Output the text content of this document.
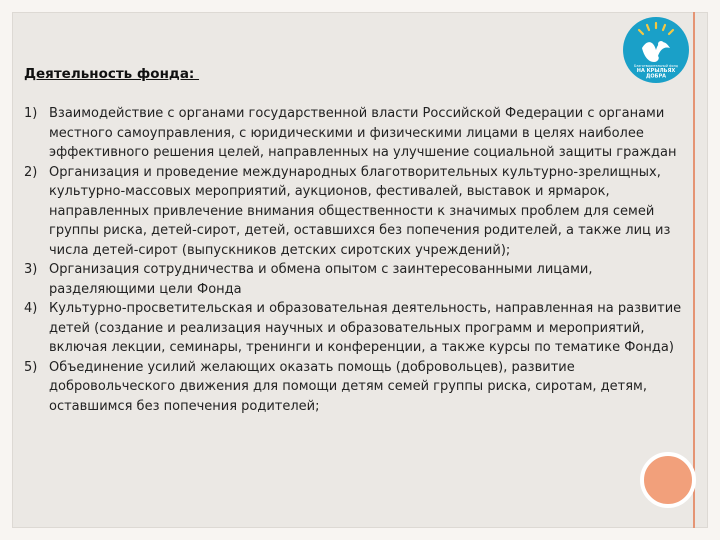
Благотворительный фонд
НА КРЫЛЬЯХ
ДОБРА
Деятельность фонда:
1) Взаимодействие с органами государственной власти Российской Федерации с органами местного самоуправления, с юридическими и физическими лицами в целях наиболее эффективного решения целей, направленных на улучшение социальной защиты граждан
2) Организация и проведение международных благотворительных культурно-зрелищных, культурно-массовых мероприятий, аукционов, фестивалей, выставок и ярмарок, направленных привлечение внимания общественности к значимых проблем для семей группы риска, детей-сирот, детей, оставшихся без попечения родителей, а также лиц из числа детей-сирот (выпускников детских сиротских учреждений);
3) Организация сотрудничества и обмена опытом с заинтересованными лицами, разделяющими цели Фонда
4) Культурно-просветительская и образовательная деятельность, направленная на развитие детей (создание и реализация научных и образовательных программ и мероприятий, включая лекции, семинары, тренинги и конференции, а также курсы по тематике Фонда)
5) Объединение усилий желающих оказать помощь (добровольцев), развитие добровольческого движения для помощи детям семей группы риска, сиротам, детям, оставшимся без попечения родителей;
